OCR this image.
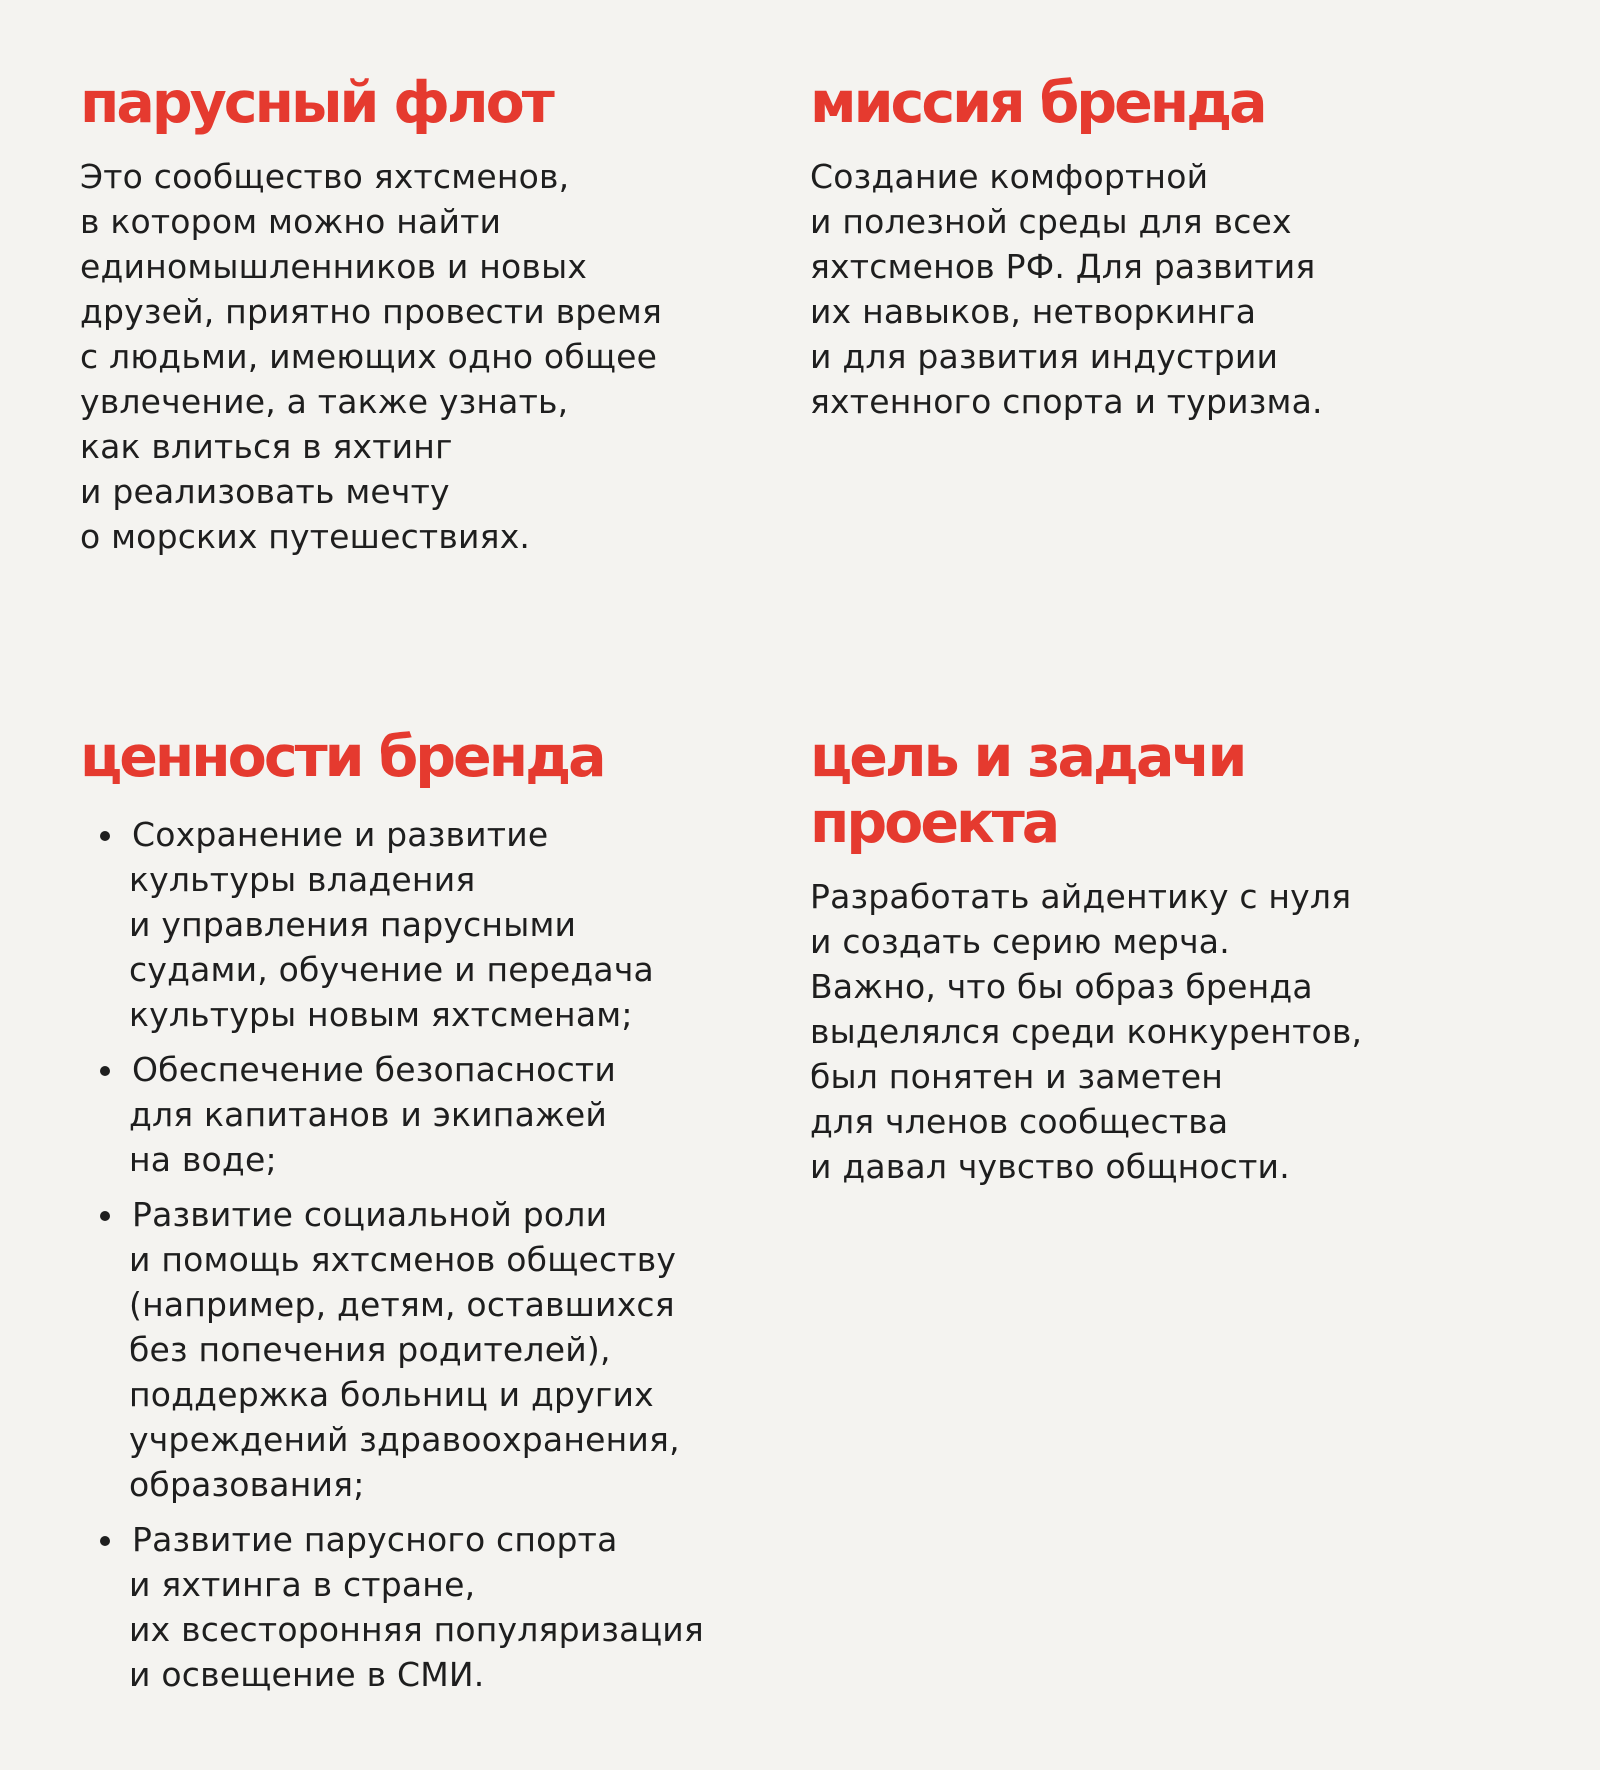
парусный флот

Это сообщество яхтсменов,
в котором можно найти
единомышленников и новых
друзей, приятно провести время
с людьми, имеющих одно общее
увлечение, а также узнать,
как влиться в яхтинг
и реализовать мечту
о морских путешествиях.

миссия бренда

Создание комфортной
и полезной среды для всех
яхтсменов РФ. Для развития
их навыков, нетворкинга
и для развития индустрии
яхтенного спорта и туризма.

ценности бренда
Сохранение и развитие
культуры владения
и управления парусными
судами, обучение и передача
культуры новым яхтсменам;
Обеспечение безопасности
для капитанов и экипажей
на воде;
Развитие социальной роли
и помощь яхтсменов обществу
(например, детям, оставшихся
без попечения родителей),
поддержка больниц и других
учреждений здравоохранения,
образования;
Развитие парусного спорта
и яхтинга в стране,
их всесторонняя популяризация
и освещение в СМИ.
цель и задачи
проекта

Разработать айдентику с нуля
и создать серию мерча.
Важно, что бы образ бренда
выделялся среди конкурентов,
был понятен и заметен
для членов сообщества
и давал чувство общности.
